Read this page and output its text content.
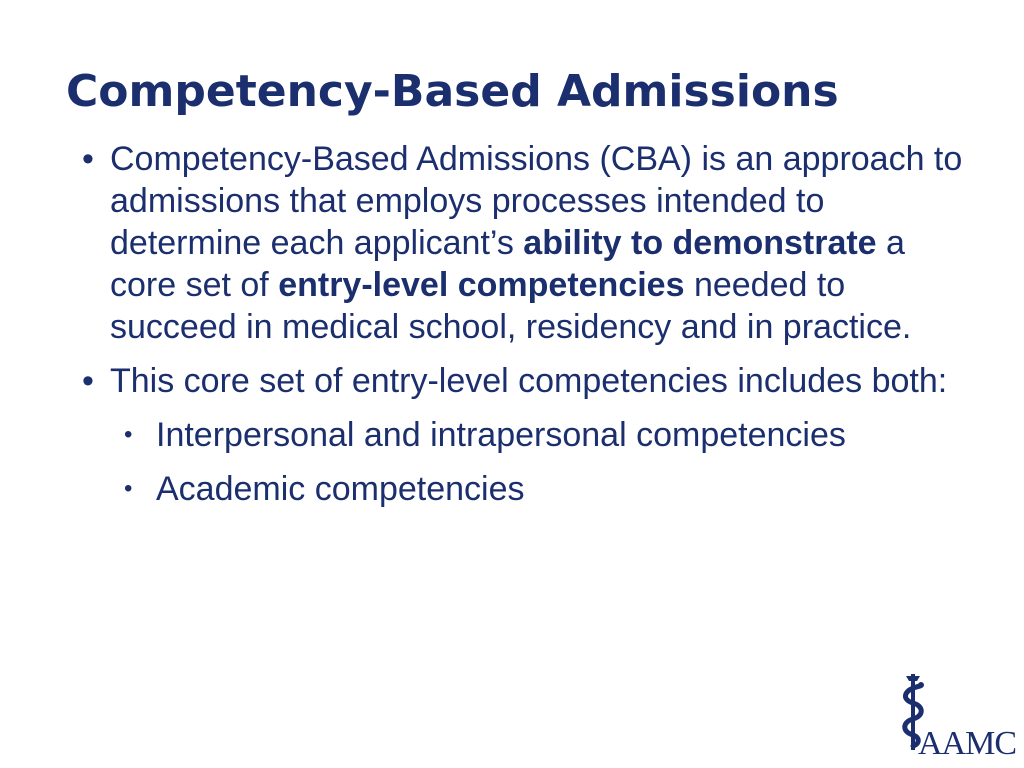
Competency-Based Admissions
• Competency-Based Admissions (CBA) is an approach to admissions that employs processes intended to determine each applicant’s ability to demonstrate a core set of entry-level competencies needed to succeed in medical school, residency and in practice.
• This core set of entry-level competencies includes both:
• Interpersonal and intrapersonal competencies
• Academic competencies
AAMC
